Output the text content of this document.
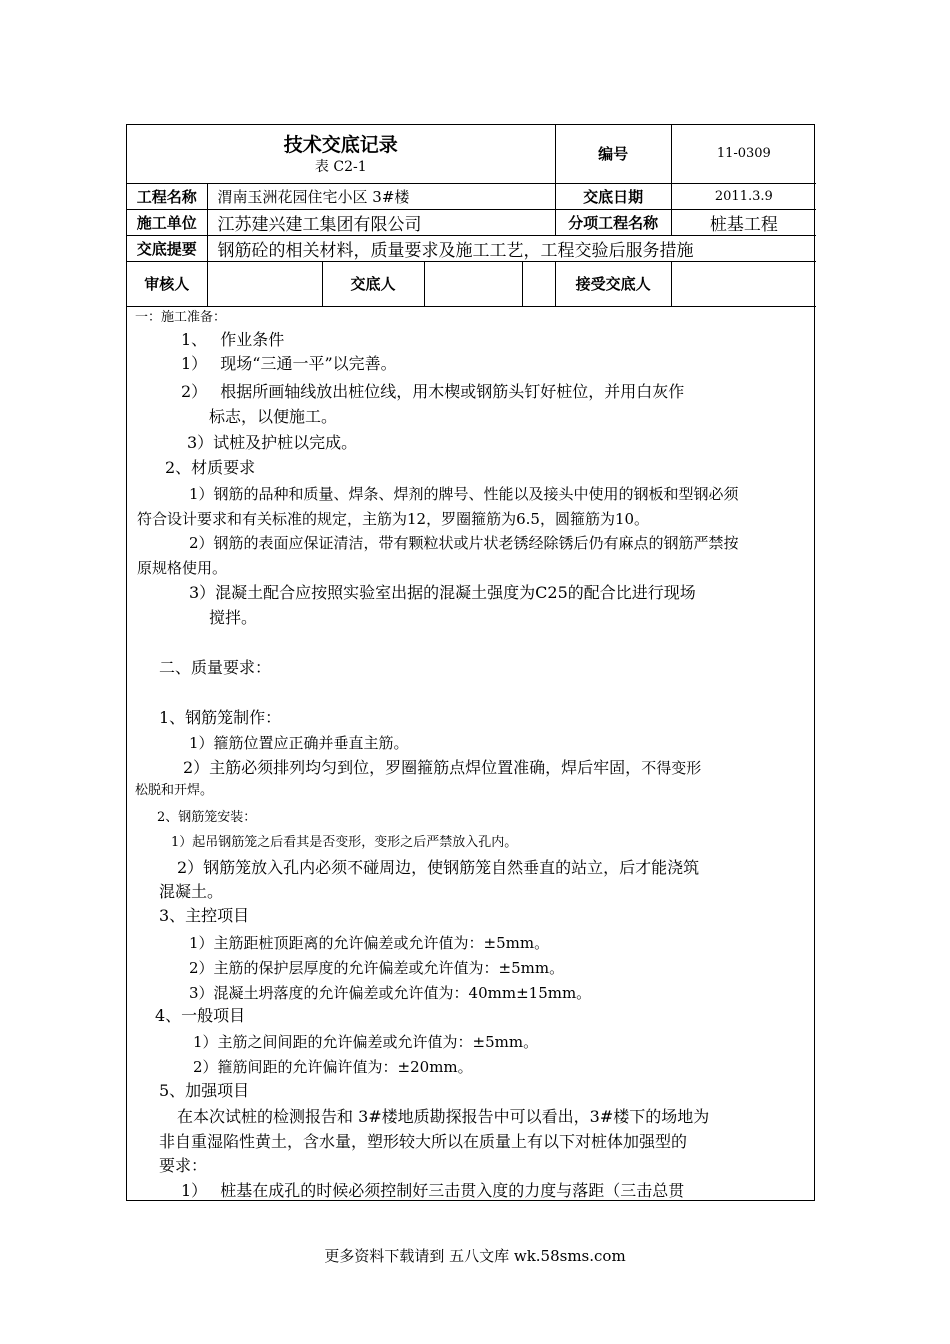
技术交底记录
表 C2-1					编号	11-0309
工程名称	渭南玉洲花园住宅小区 3#楼				交底日期	2011.3.9
施工单位	江苏建兴建工集团有限公司				分项工程名称	桩基工程
交底提要	钢筋砼的相关材料，质量要求及施工工艺，工程交验后服务措施					
审核人		交底人			接受交底人	
一：施工准备：
1、　 作业条件
1）　 现场“三通一平”以完善。
2）　 根据所画轴线放出桩位线，用木楔或钢筋头钉好桩位，并用白灰作
标志，以便施工。
3）试桩及护桩以完成。
2、材质要求
1）钢筋的品种和质量、焊条、焊剂的牌号、性能以及接头中使用的钢板和型钢必须
符合设计要求和有关标准的规定，主筋为12，罗圈箍筋为6.5，圆箍筋为10。
2）钢筋的表面应保证清洁，带有颗粒状或片状老锈经除锈后仍有麻点的钢筋严禁按
原规格使用。
3）混凝土配合应按照实验室出据的混凝土强度为C25的配合比进行现场
搅拌。
二、质量要求：
1、钢筋笼制作：
1）箍筋位置应正确并垂直主筋。
2）主筋必须排列均匀到位，罗圈箍筋点焊位置准确，焊后牢固，不得变形
松脱和开焊。
2、钢筋笼安装：
1）起吊钢筋笼之后看其是否变形，变形之后严禁放入孔内。
2）钢筋笼放入孔内必须不碰周边，使钢筋笼自然垂直的站立，后才能浇筑
混凝土。
3、主控项目
1）主筋距桩顶距离的允许偏差或允许值为：±5mm。
2）主筋的保护层厚度的允许偏差或允许值为：±5mm。
3）混凝土坍落度的允许偏差或允许值为：40mm±15mm。
4、一般项目
1）主筋之间间距的允许偏差或允许值为：±5mm。
2）箍筋间距的允许偏许值为：±20mm。
5、加强项目
在本次试桩的检测报告和 3#楼地质勘探报告中可以看出，3#楼下的场地为
非自重湿陷性黄土，含水量，塑形较大所以在质量上有以下对桩体加强型的
要求：
1）　 桩基在成孔的时候必须控制好三击贯入度的力度与落距（三击总贯
更多资料下载请到 五八文库 wk.58sms.com
